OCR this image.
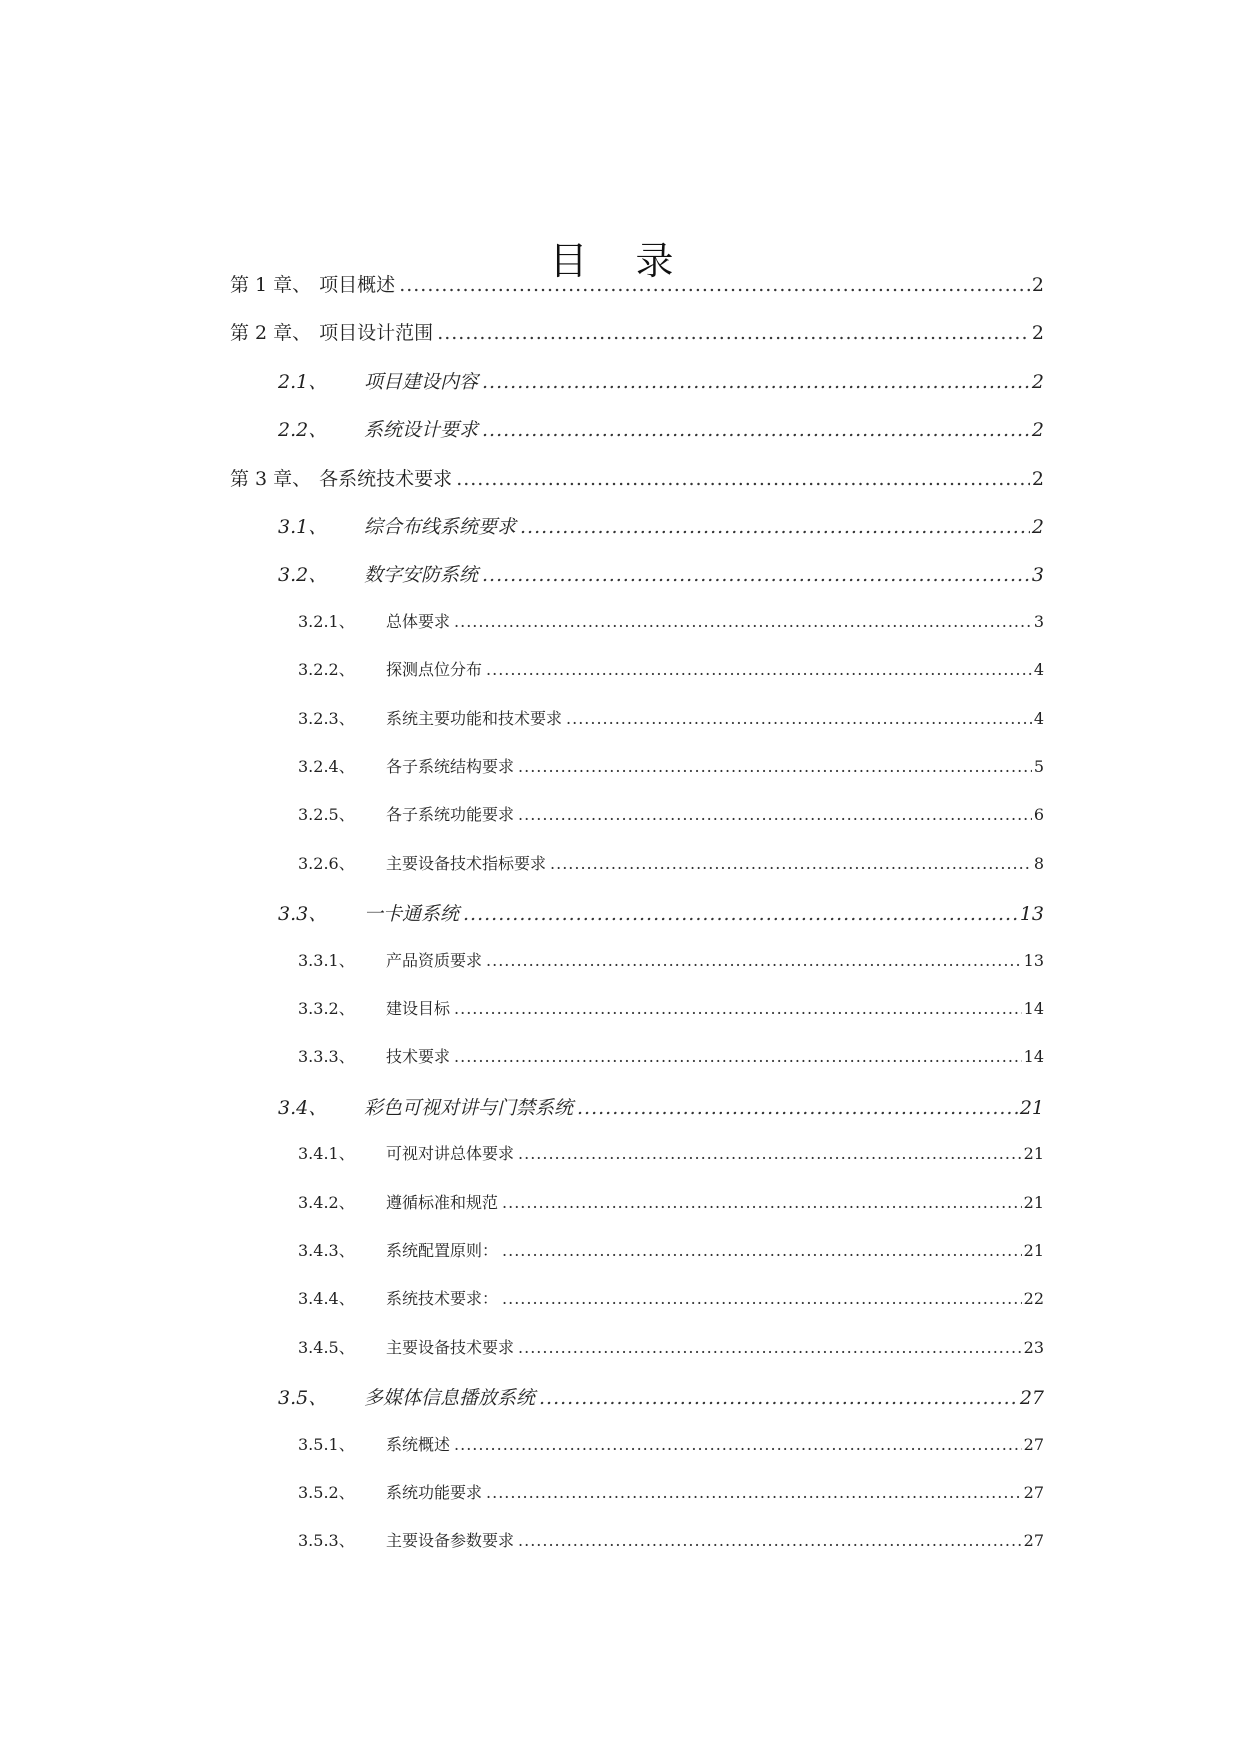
目 录
第 1 章、 项目概述 .....	2
第 2 章、 项目设计范围 .....	2
2.1、	项目建设内容 .....	2
2.2、	系统设计要求 .....	2
第 3 章、 各系统技术要求 .....	2
3.1、	综合布线系统要求 .....	2
3.2、	数字安防系统 .....	3
3.2.1、	总体要求 .....	3
3.2.2、	探测点位分布 .....	4
3.2.3、	系统主要功能和技术要求 .....	4
3.2.4、	各子系统结构要求 .....	5
3.2.5、	各子系统功能要求 .....	6
3.2.6、	主要设备技术指标要求 .....	8
3.3、	一卡通系统 .....	13
3.3.1、	产品资质要求 .....	13
3.3.2、	建设目标 .....	14
3.3.3、	技术要求 .....	14
3.4、	彩色可视对讲与门禁系统 .....	21
3.4.1、	可视对讲总体要求 .....	21
3.4.2、	遵循标准和规范 .....	21
3.4.3、	系统配置原则： .....	21
3.4.4、	系统技术要求： .....	22
3.4.5、	主要设备技术要求 .....	23
3.5、	多媒体信息播放系统 .....	27
3.5.1、	系统概述 .....	27
3.5.2、	系统功能要求 .....	27
3.5.3、	主要设备参数要求 .....	27
